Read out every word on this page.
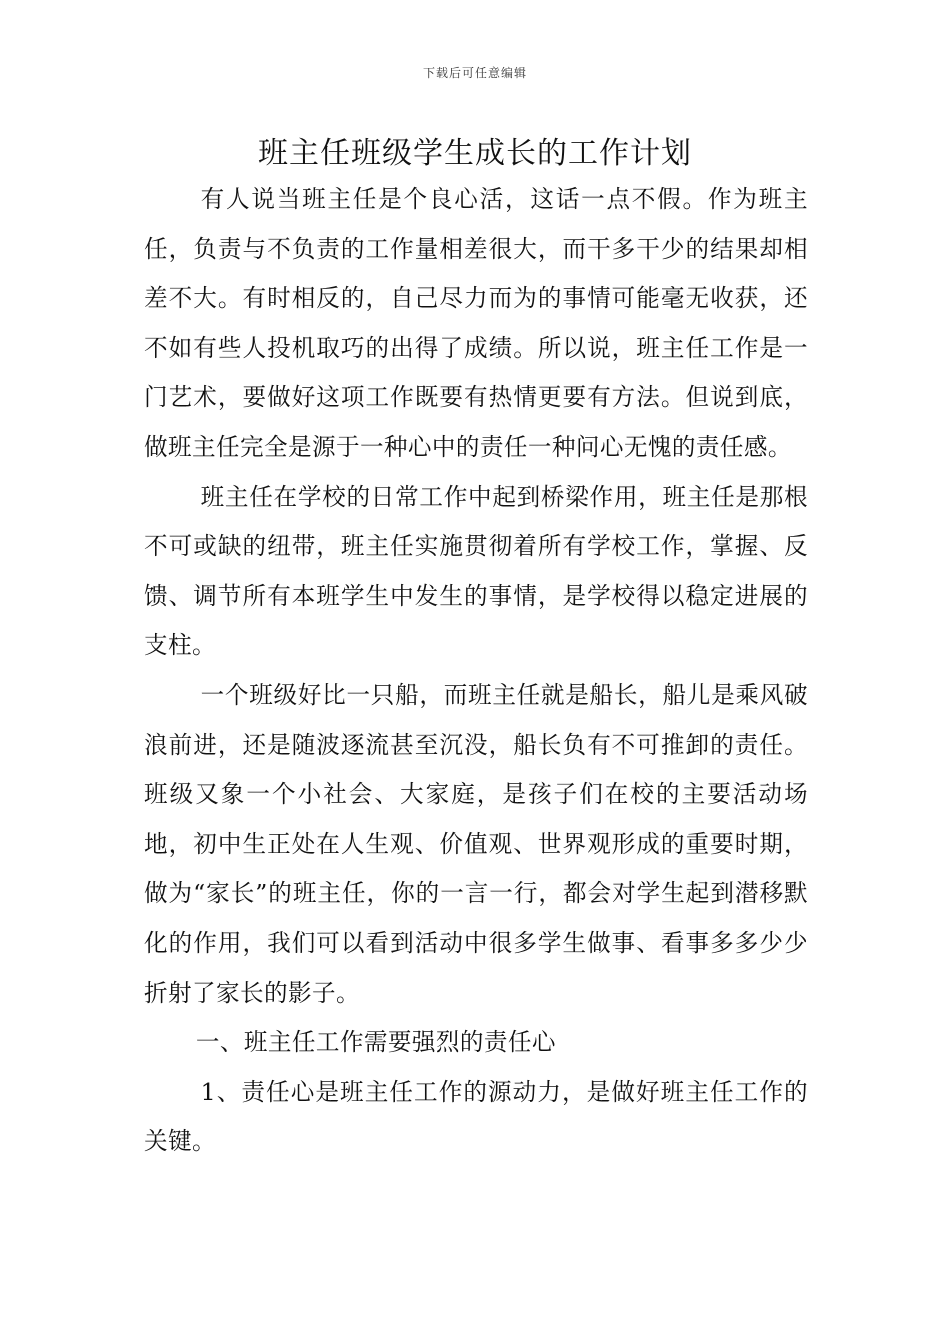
下载后可任意编辑
班主任班级学生成长的工作计划

有人说当班主任是个良心活，这话一点不假。作为班主任，负责与不负责的工作量相差很大，而干多干少的结果却相差不大。有时相反的，自己尽力而为的事情可能毫无收获，还不如有些人投机取巧的出得了成绩。所以说，班主任工作是一门艺术，要做好这项工作既要有热情更要有方法。但说到底，做班主任完全是源于一种心中的责任一种问心无愧的责任感。

班主任在学校的日常工作中起到桥梁作用，班主任是那根不可或缺的纽带，班主任实施贯彻着所有学校工作，掌握、反馈、调节所有本班学生中发生的事情，是学校得以稳定进展的支柱。

一个班级好比一只船，而班主任就是船长，船儿是乘风破浪前进，还是随波逐流甚至沉没，船长负有不可推卸的责任。班级又象一个小社会、大家庭，是孩子们在校的主要活动场地，初中生正处在人生观、价值观、世界观形成的重要时期，做为“家长”的班主任，你的一言一行，都会对学生起到潜移默化的作用，我们可以看到活动中很多学生做事、看事多多少少折射了家长的影子。

一、班主任工作需要强烈的责任心

1、责任心是班主任工作的源动力，是做好班主任工作的关键。
